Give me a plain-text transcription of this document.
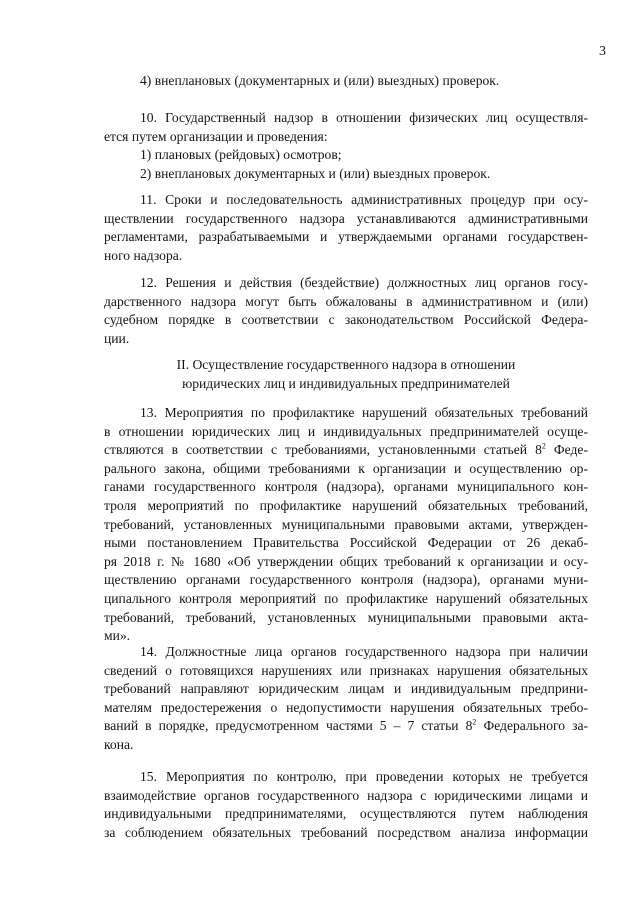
3

4) внеплановых (документарных и (или) выездных) проверок.

10. Государственный надзор в отношении физических лиц осуществля-
ется путем организации и проведения:
1) плановых (рейдовых) осмотров;
2) внеплановых документарных и (или) выездных проверок.

11. Сроки и последовательность административных процедур при осу-
ществлении государственного надзора устанавливаются административными
регламентами, разрабатываемыми и утверждаемыми органами государствен-
ного надзора.

12. Решения и действия (бездействие) должностных лиц органов госу-
дарственного надзора могут быть обжалованы в административном и (или)
судебном порядке в соответствии с законодательством Российской Федера-
ции.

II. Осуществление государственного надзора в отношении
юридических лиц и индивидуальных предпринимателей

13. Мероприятия по профилактике нарушений обязательных требований
в отношении юридических лиц и индивидуальных предпринимателей осуще-
ствляются в соответствии с требованиями, установленными статьей $8^2$ Феде-
рального закона, общими требованиями к организации и осуществлению ор-
ганами государственного контроля (надзора), органами муниципального кон-
троля мероприятий по профилактике нарушений обязательных требований,
требований, установленных муниципальными правовыми актами, утвержден-
ными постановлением Правительства Российской Федерации от 26 декаб-
ря 2018 г. № 1680 «Об утверждении общих требований к организации и осу-
ществлению органами государственного контроля (надзора), органами муни-
ципального контроля мероприятий по профилактике нарушений обязательных
требований, требований, установленных муниципальными правовыми акта-
ми».

14. Должностные лица органов государственного надзора при наличии
сведений о готовящихся нарушениях или признаках нарушения обязательных
требований направляют юридическим лицам и индивидуальным предприни-
мателям предостережения о недопустимости нарушения обязательных требо-
ваний в порядке, предусмотренном частями 5 – 7 статьи $8^2$ Федерального за-
кона.

15. Мероприятия по контролю, при проведении которых не требуется
взаимодействие органов государственного надзора с юридическими лицами и
индивидуальными предпринимателями, осуществляются путем наблюдения
за соблюдением обязательных требований посредством анализа информации
